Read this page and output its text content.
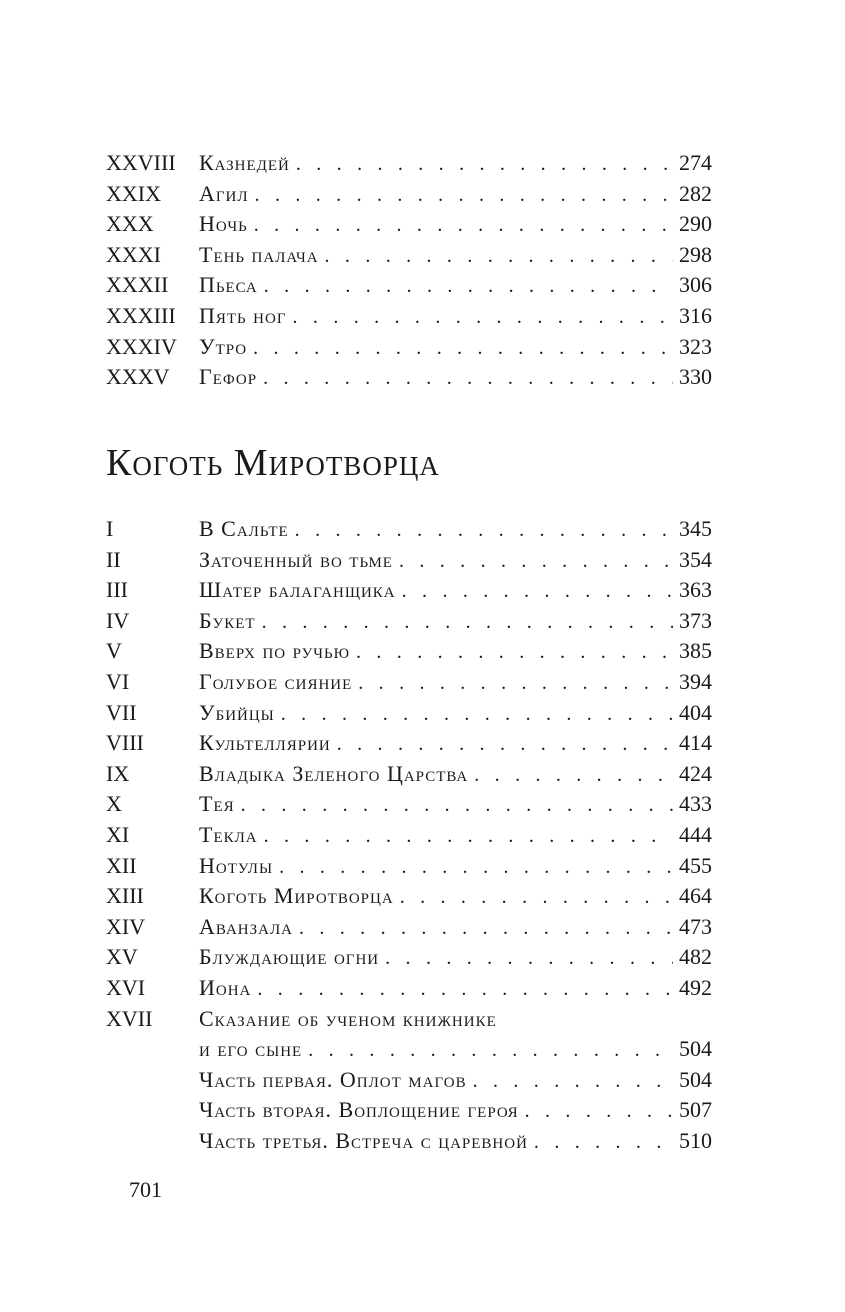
XXVIII	Казнедей . . .	274
XXIX	Агил . . .	282
XXX	Ночь . . .	290
XXXI	Тень палача . . .	298
XXXII	Пьеса . . .	306
XXXIII	Пять ног . . .	316
XXXIV	Утро . . .	323
XXXV	Гефор . . .	330
Коготь Миротворца
I	В Сальте . . .	345
II	Заточенный во тьме . . .	354
III	Шатер балаганщика . . .	363
IV	Букет . . .	373
V	Вверх по ручью . . .	385
VI	Голубое сияние . . .	394
VII	Убийцы . . .	404
VIII	Культеллярии . . .	414
IX	Владыка Зеленого Царства . . .	424
X	Тея . . .	433
XI	Текла . . .	444
XII	Нотулы . . .	455
XIII	Коготь Миротворца . . .	464
XIV	Аванзала . . .	473
XV	Блуждающие огни . . .	482
XVI	Иона . . .	492
XVII	Сказание об ученом книжнике
и его сыне . . .	504
Часть первая. Оплот магов . . .	504
Часть вторая. Воплощение героя . . .	507
Часть третья. Встреча с царевной . . .	510
701
